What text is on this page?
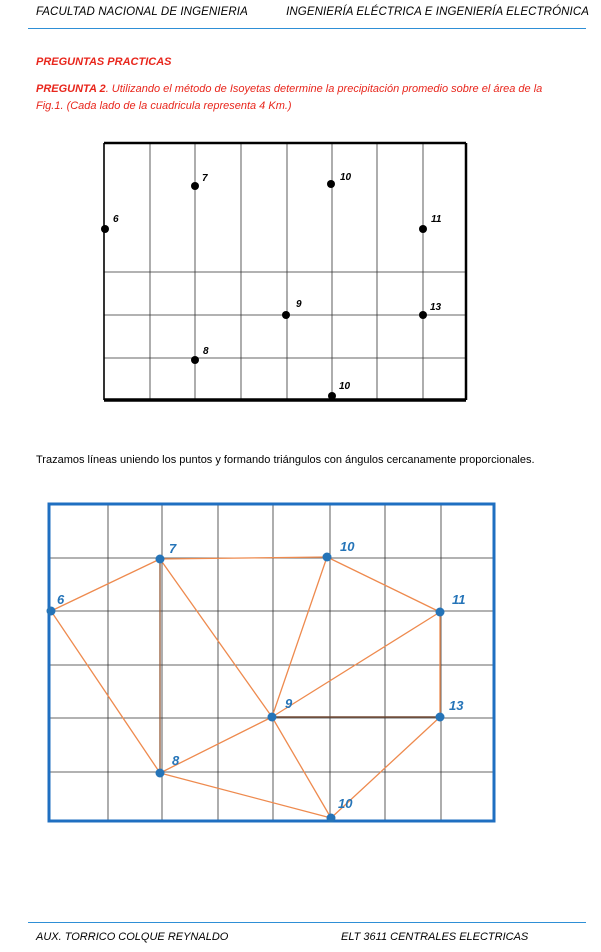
FACULTAD NACIONAL DE INGENIERIA	INGENIERÍA ELÉCTRICA E INGENIERÍA ELECTRÓNICA
PREGUNTAS PRACTICAS
PREGUNTA 2. Utilizando el método de Isoyetas determine la precipitación promedio sobre el área de la Fig.1. (Cada lado de la cuadricula representa 4 Km.)
6
7	10
11
9	13
8
10
Trazamos líneas uniendo los puntos y formando triángulos con ángulos cercanamente proporcionales.
6
7	10
11
9	13
8
10
AUX. TORRICO COLQUE REYNALDO	ELT 3611 CENTRALES ELECTRICAS
